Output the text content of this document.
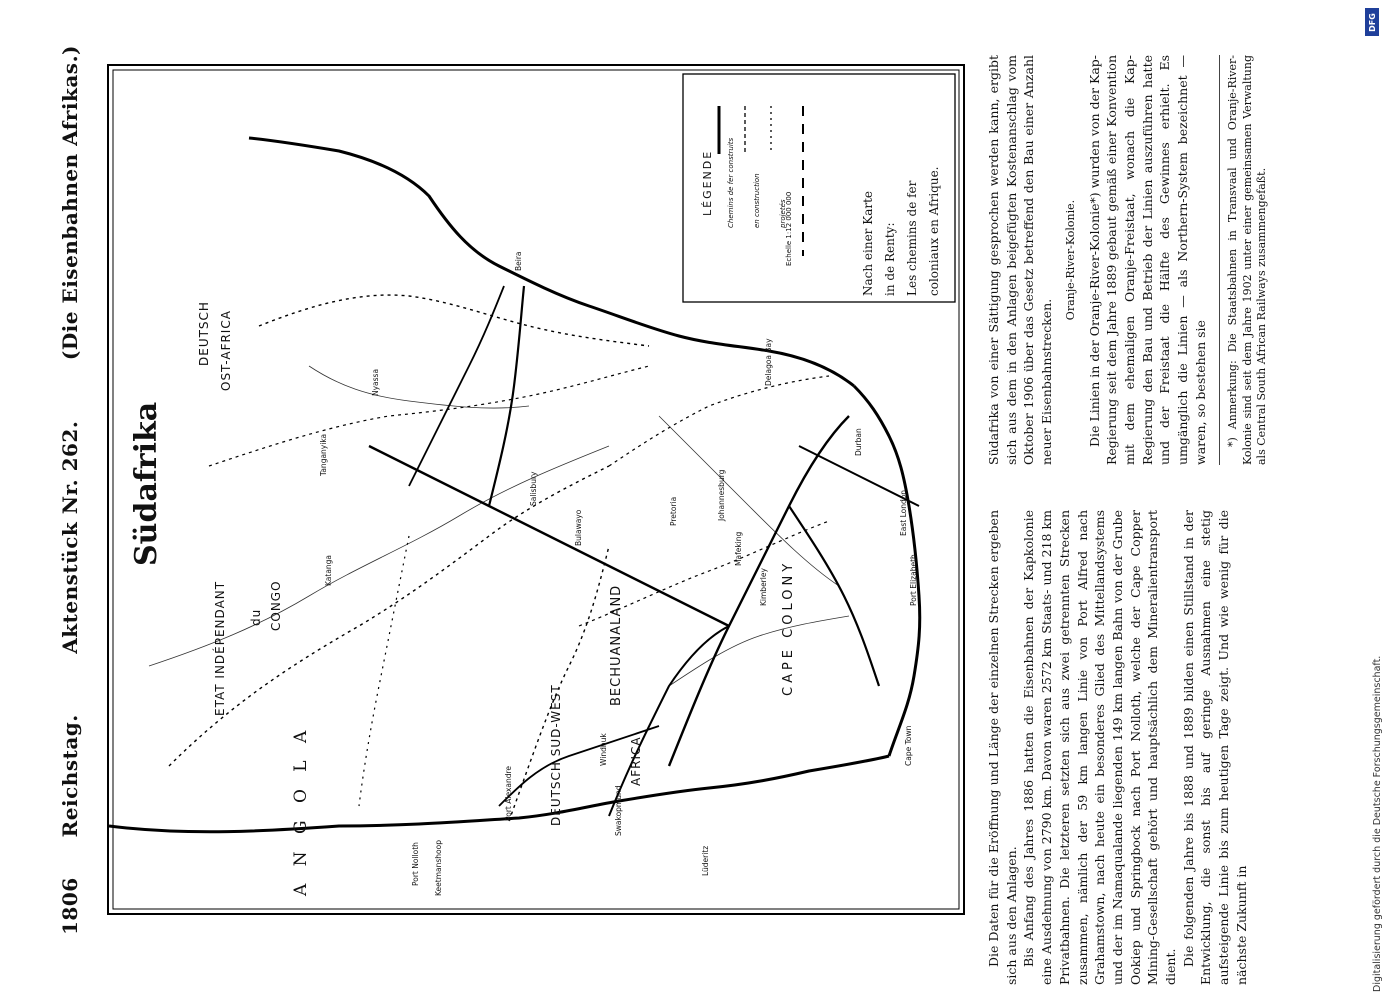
1806
Reichstag.
Aktenstück Nr. 262.
(Die Eisenbahnen Afrikas.)
Südafrika
ETAT INDÉPENDANT du CONGO
DEUTSCH OST-AFRICA
A N G O L A
BECHUANALAND
DEUTSCH SUD-WEST	AFRICA
CAPE COLONY
Katanga
Tanganyika
Nyassa
Beira
Salisbury
Bulawayo	Pretoria	Johannesburg
Kimberley
Durban
East London
Port Elizabeth
Cape Town
Windhuk
Swakopmund
Lüderitz
Mafeking
Delagoa Bay
Port Alexandre
Port Nolloth Keetmanshoop
LÉGENDE Chemins de fer construits	en construction	projetés
Echelle 1:12 000 000	Nach einer Karte in de Renty: Les chemins de fer coloniaux en Afrique.

Die Daten für die Eröffnung und Länge der einzelnen Strecken ergeben sich aus den Anlagen. Bis Anfang des Jahres 1886 hatten die Eisenbahnen der Kapkolonie eine Ausdehnung von 2790 km. Davon waren 2572 km Staats- und 218 km Privatbahnen. Die letzteren setzten sich aus zwei getrennten Strecken zusammen, nämlich der 59 km langen Linie von Port Alfred nach Grahamstown, nach heute ein besonderes Glied des Mittellandsystems und der im Namaqualande liegenden 149 km langen Bahn von der Grube Ookiep und Springbock nach Port Nolloth, welche der Cape Copper Mining-Gesellschaft gehört und hauptsächlich dem Mineralientransport dient. Die folgenden Jahre bis 1888 und 1889 bilden einen Stillstand in der Entwicklung, die sonst bis auf geringe Ausnahmen eine stetig aufsteigende Linie bis zum heutigen Tage zeigt. Und wie wenig für die nächste Zukunft in

Südafrika von einer Sättigung gesprochen werden kann, ergibt sich aus dem in den Anlagen beigefügten Kostenanschlag vom Oktober 1906 über das Gesetz betreffend den Bau einer Anzahl neuer Eisenbahnstrecken.

Oranje-River-Kolonie. Die Linien in der Oranje-River-Kolonie*) wurden von der Kap-Regierung seit dem Jahre 1889 gebaut gemäß einer Konvention mit dem ehemaligen Oranje-Freistaat, wonach die Kap-Regierung den Bau und Betrieb der Linien auszuführen hatte und der Freistaat die Hälfte des Gewinnes erhielt. Es umgänglich die Linien — als Northern-System bezeichnet — waren, so bestehen sie	*) Anmerkung: Die Staatsbahnen in Transvaal und Oranje-River-Kolonie sind seit dem Jahre 1902 unter einer gemeinsamen Verwaltung als Central South African Railways zusammengefaßt.

DFG
Digitalisierung gefördert durch die Deutsche Forschungsgemeinschaft.
